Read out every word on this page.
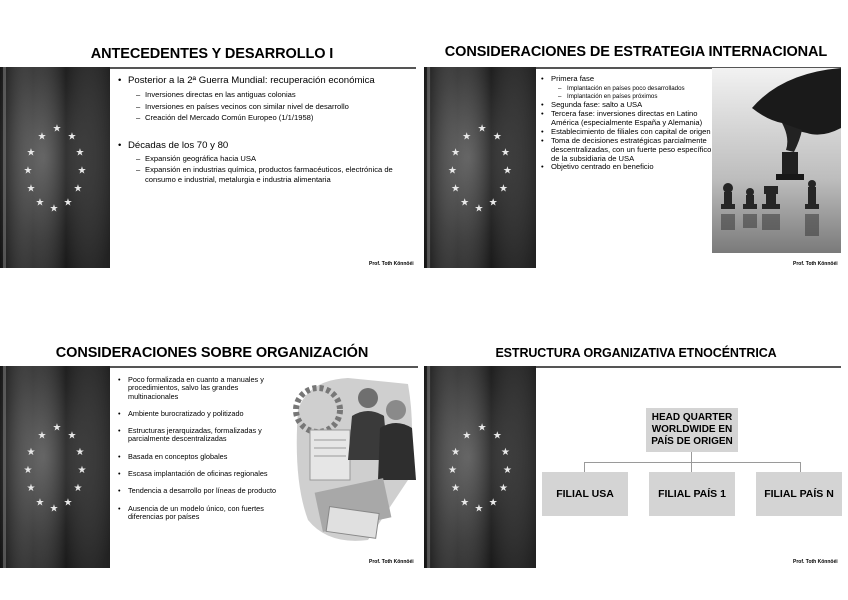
ANTECEDENTES Y DESARROLLO I
• Posterior a la 2ª Guerra Mundial: recuperación económica
– Inversiones directas en las antiguas colonias
– Inversiones en países vecinos con similar nivel de desarrollo
– Creación del Mercado Común Europeo (1/1/1958)
• Décadas de los 70 y 80
– Expansión geográfica hacia USA
– Expansión en industrias química, productos farmacéuticos, electrónica de consumo e industrial, metalurgia e industria alimentaria
Prof. Toth Könnöéi
CONSIDERACIONES DE ESTRATEGIA INTERNACIONAL
• Primera fase
– Implantación en países poco desarrollados
– Implantación en países próximos
• Segunda fase: salto a USA
• Tercera fase: inversiones directas en Latino América (especialmente España y Alemania)
• Establecimiento de filiales con capital de origen
• Toma de decisiones estratégicas parcialmente descentralizadas, con un fuerte peso específico de la subsidiaria de USA
• Objetivo centrado en beneficio
Prof. Toth Könnöéi
CONSIDERACIONES SOBRE ORGANIZACIÓN
• Poco formalizada en cuanto a manuales y procedimientos, salvo las grandes multinacionales
• Ambiente burocratizado y politizado
• Estructuras jerarquizadas, formalizadas y parcialmente descentralizadas
• Basada en conceptos globales
• Escasa implantación de oficinas regionales
• Tendencia a desarrollo por líneas de producto
• Ausencia de un modelo único, con fuertes diferencias por países
Prof. Toth Könnöéi
ESTRUCTURA ORGANIZATIVA ETNOCÉNTRICA
HEAD QUARTER WORLDWIDE EN PAÍS DE ORIGEN
FILIAL USA	FILIAL PAÍS 1	FILIAL PAÍS N
Prof. Toth Könnöéi
